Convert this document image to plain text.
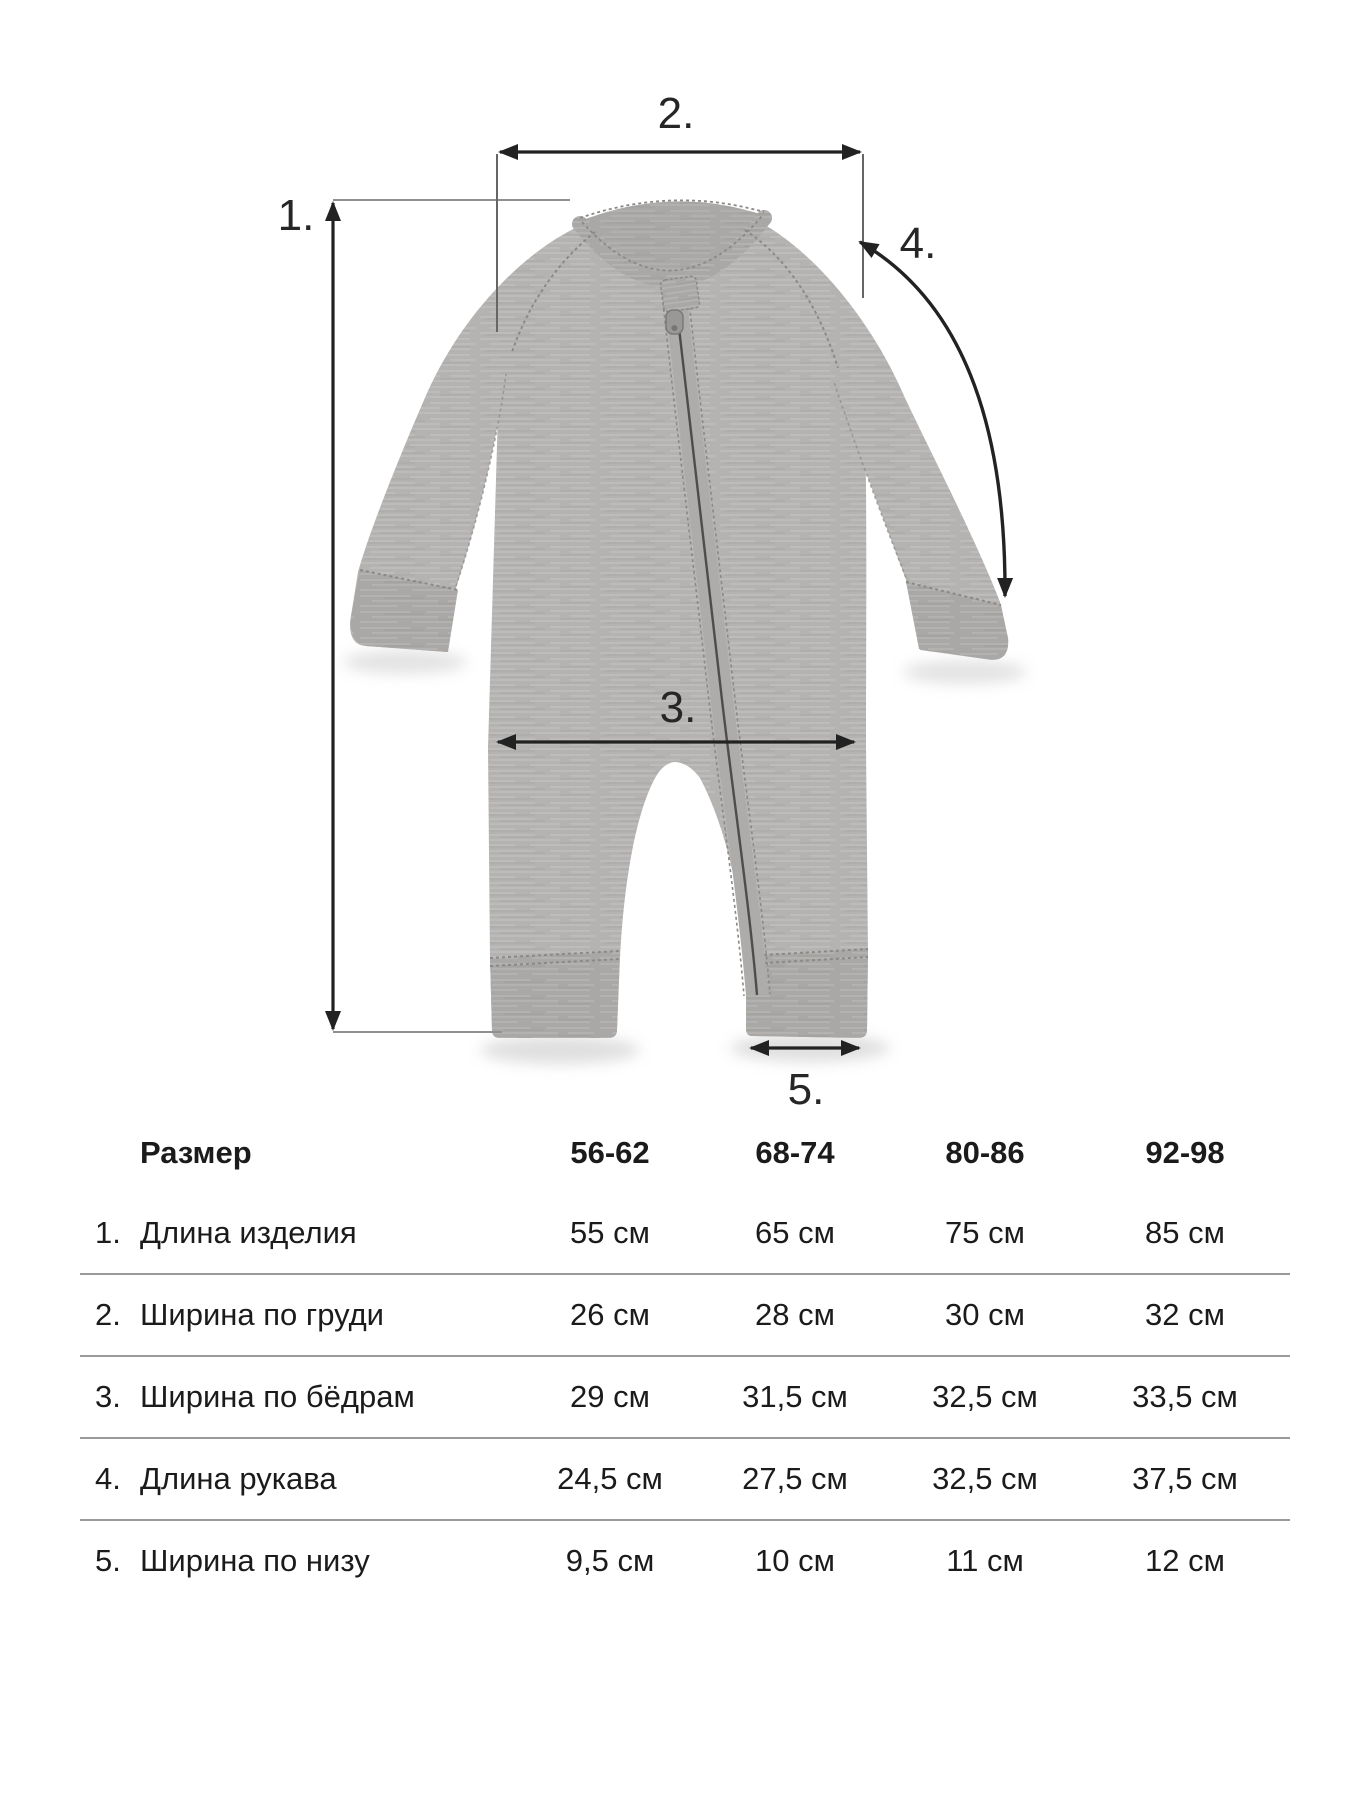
1.
2.
3.
4.
5.
Размер	56-62	68-74	80-86	92-98
1. Длина изделия	55 см	65 см	75 см	85 см
2. Ширина по груди	26 см	28 см	30 см	32 см
3. Ширина по бёдрам	29 см	31,5 см	32,5 см	33,5 см
4. Длина рукава	24,5 см	27,5 см	32,5 см	37,5 см
5. Ширина по низу	9,5 см	10 см	11 см	12 см
